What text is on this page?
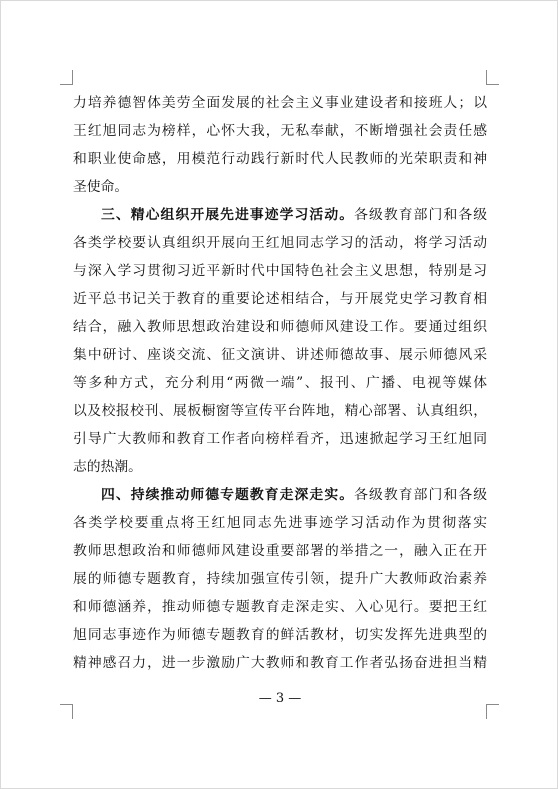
力培养德智体美劳全面发展的社会主义事业建设者和接班人；以
王红旭同志为榜样，心怀大我，无私奉献，不断增强社会责任感
和职业使命感，用模范行动践行新时代人民教师的光荣职责和神
圣使命。
三、精心组织开展先进事迹学习活动。各级教育部门和各级
各类学校要认真组织开展向王红旭同志学习的活动，将学习活动
与深入学习贯彻习近平新时代中国特色社会主义思想，特别是习
近平总书记关于教育的重要论述相结合，与开展党史学习教育相
结合，融入教师思想政治建设和师德师风建设工作。要通过组织
集中研讨、座谈交流、征文演讲、讲述师德故事、展示师德风采
等多种方式，充分利用“两微一端”、报刊、广播、电视等媒体
以及校报校刊、展板橱窗等宣传平台阵地，精心部署、认真组织，
引导广大教师和教育工作者向榜样看齐，迅速掀起学习王红旭同
志的热潮。
四、持续推动师德专题教育走深走实。各级教育部门和各级
各类学校要重点将王红旭同志先进事迹学习活动作为贯彻落实
教师思想政治和师德师风建设重要部署的举措之一，融入正在开
展的师德专题教育，持续加强宣传引领，提升广大教师政治素养
和师德涵养，推动师德专题教育走深走实、入心见行。要把王红
旭同志事迹作为师德专题教育的鲜活教材，切实发挥先进典型的
精神感召力，进一步激励广大教师和教育工作者弘扬奋进担当精
— 3 —
